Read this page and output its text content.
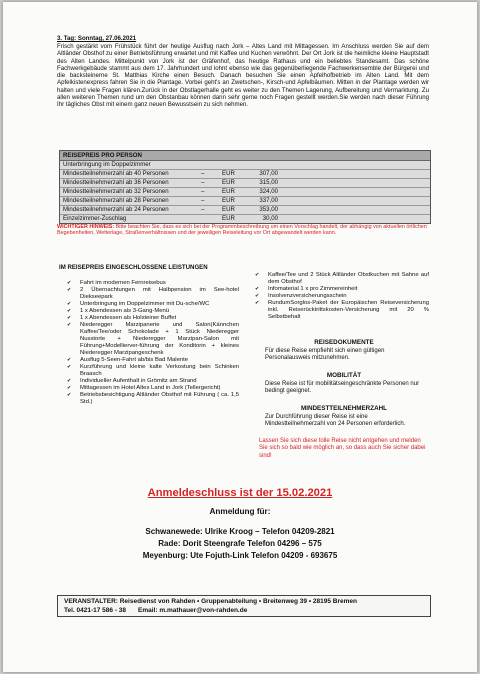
3. Tag: Sonntag, 27.06.2021

Frisch gestärkt vom Frühstück führt der heutige Ausflug nach Jork – Altes Land mit Mittagessen. Im Anschluss werden Sie auf dem Altländer Obsthof zu einer Betriebsführung erwartet und mit Kaffee und Kuchen verwöhnt. Der Ort Jork ist die heimliche kleine Hauptstadt des Alten Landes. Mittelpunkt von Jork ist der Gräfenhof, das heutige Rathaus und ein beliebtes Standesamt. Das schöne Fachwerkgebäude stammt aus dem 17. Jahrhundert und lohnt ebenso wie das gegenüberliegende Fachwerkensemble der Bürgerei und die backsteinerne St. Matthias Kirche einen Besuch. Danach besuchen Sie einen Apfelhofbetrieb im Alten Land. Mit dem Apfelkistenexpress fahren Sie in die Plantage. Vorbei geht's an Zwetschen-, Kirsch-und Apfelbäumen. Mitten in der Plantage werden wir halten und viele Fragen klären.Zurück in der Obstlagerhalle geht es weiter zu den Themen Lagerung, Aufbereitung und Vermarktung. Zu allen weiteren Themen rund um den Obstanbau können dann sehr gerne noch Fragen gestellt werden.Sie werden nach dieser Führung Ihr tägliches Obst mit einem ganz neuen Bewusstsein zu sich nehmen.

REISEPREIS PRO PERSON
Unterbringung im Doppelzimmer
Mindestteilnehmerzahl ab 40 Personen	–	EUR	307,00
Mindestteilnehmerzahl ab 36 Personen	–	EUR	315,00
Mindestteilnehmerzahl ab 32 Personen	–	EUR	324,00
Mindestteilnehmerzahl ab 28 Personen	–	EUR	337,00
Mindestteilnehmerzahl ab 24 Personen	–	EUR	353,00
Einzelzimmer-Zuschlag	EUR	30,00

WICHTIGER HINWEIS: Bitte beachten Sie, dass es sich bei der Programmbeschreibung um einen Vorschlag handelt, der abhängig von aktuellen örtlichen Begebenheiten, Wetterlage, Straßenverhältnissen und der jeweiligen Reiseleitung vor Ort abgewandelt werden kann.

IM REISEPREIS EINGESCHLOSSENE LEISTUNGEN

✔ Fahrt im modernen Fernreisebus
✔ 2 Übernachtungen mit Halbpension im See-hotel Diekseepark
✔ Unterbringung im Doppelzimmer mit Du-sche/WC
✔ 1 x Abendessen als 3-Gang-Menü
✔ 1 x Abendessen als Holsteiner Buffet
✔ Niederegger Marzipanerie und Salon(Kännchen Kaffee/Tee/oder Schokolade + 1 Stück Niederegger Nusstorte + Niederegger Marzipan-Salon mit Führung+Modellierver-führung der Konditorin + kleines Niederegger Marzipangeschenk
✔ Ausflug 5-Seen-Fahrt ab/bis Bad Malente
✔ Kurzführung und kleine kalte Verkostung bein Schinken Braasch
✔ Individueller Aufenthalt in Grömitz am Strand
✔ Mittagessen im Hotel Altes Land in Jork (Tellergericht)
✔ Betriebsbesichtigung Altländer Obsthof mit Führung ( ca. 1,5 Std.)
✔ Kaffee/Tee und 2 Stück Altländer Obstkuchen mit Sahne auf dem Obsthof
✔ Infomaterial 1 x pro Zimmereinheit
✔ Insolvenzversicherungsschein
✔ RundumSorglos-Paket der Europäischen Reiseversicherung inkl. Reiserücktrittskosten-Versicherung mit 20 % Selbstbehalt

REISEDOKUMENTE

Für diese Reise empfiehlt sich einen gültigen Personalausweis mitzunehmen.

MOBILITÄT

Diese Reise ist für mobilitätseingeschränkte Personen nur bedingt geeignet.

MINDESTTEILNEHMERZAHL

Zur Durchführung dieser Reise ist eine Mindestteilnehmerzahl von 24 Personen erforderlich.

Lassen Sie sich diese tolle Reise nicht entgehen und melden Sie sich so bald wie möglich an, so dass auch Sie sicher dabei sind!

Anmeldeschluss ist der 15.02.2021

Anmeldung für:

Schwanewede: Ulrike Kroog – Telefon 04209-2821

Rade: Dorit Steengrafe Telefon 04296 – 575

Meyenburg: Ute Fojuth-Link Telefon 04209 - 693675

VERANSTALTER: Reisedienst von Rahden • Gruppenabteilung • Breitenweg 39 • 28195 Bremen
Tel. 0421-17 586 - 38 Email: m.mathauer@von-rahden.de
